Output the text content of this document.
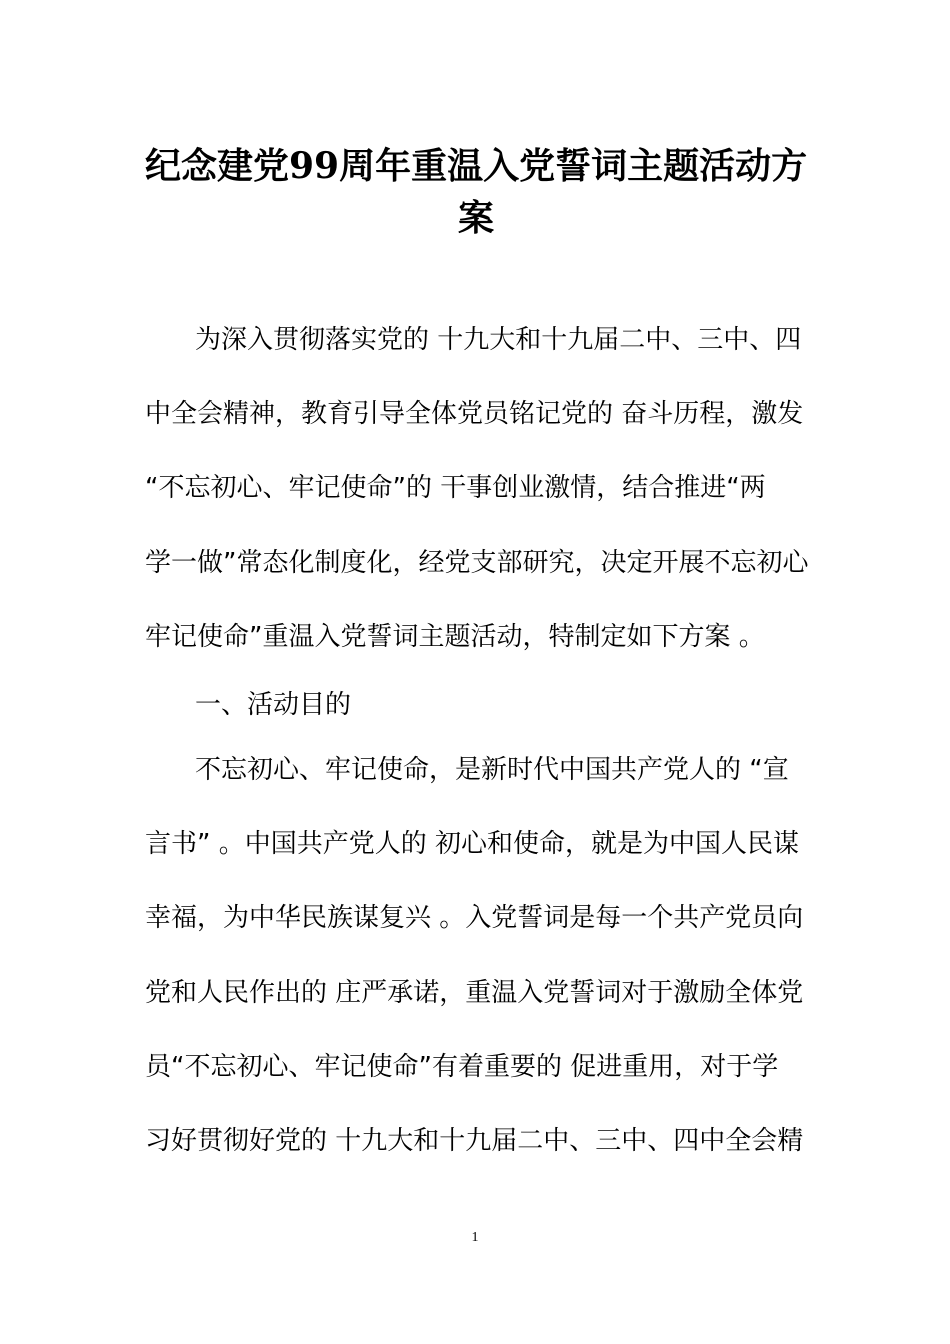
纪念建党99周年重温入党誓词主题活动方
案
为深入贯彻落实党的 十九大和十九届二中、三中、四
中全会精神，教育引导全体党员铭记党的 奋斗历程，激发
“不忘初心、牢记使命”的 干事创业激情，结合推进“两
学一做”常态化制度化，经党支部研究，决定开展不忘初心
牢记使命”重温入党誓词主题活动，特制定如下方案 。
一、活动目的
不忘初心、牢记使命，是新时代中国共产党人的 “宣
言书” 。中国共产党人的 初心和使命，就是为中国人民谋
幸福，为中华民族谋复兴 。入党誓词是每一个共产党员向
党和人民作出的 庄严承诺，重温入党誓词对于激励全体党
员“不忘初心、牢记使命”有着重要的 促进重用，对于学
习好贯彻好党的 十九大和十九届二中、三中、四中全会精
1
